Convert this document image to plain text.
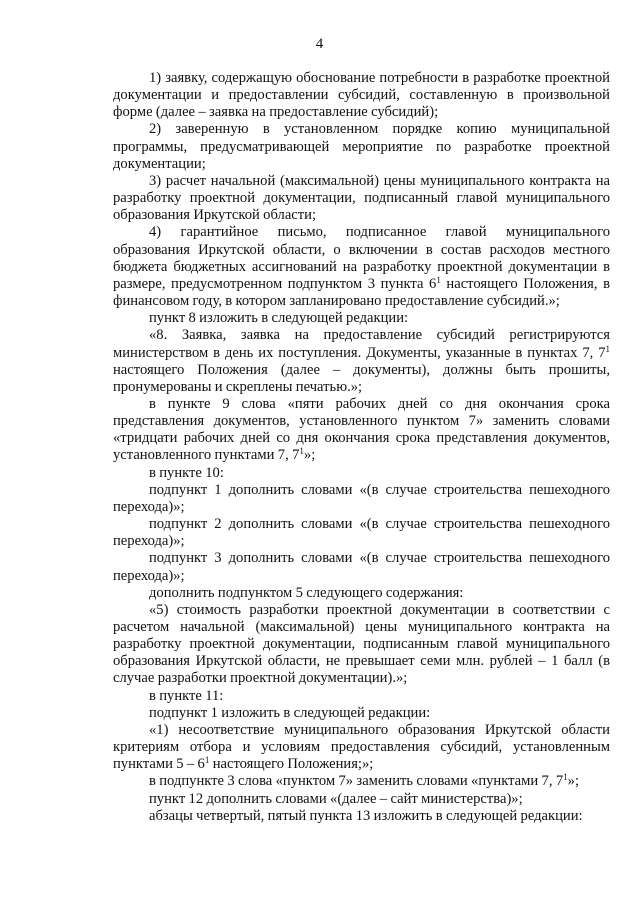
4

1) заявку, содержащую обоснование потребности в разработке проектной документации и предоставлении субсидий, составленную в произвольной форме (далее – заявка на предоставление субсидий);

2) заверенную в установленном порядке копию муниципальной программы, предусматривающей мероприятие по разработке проектной документации;

3) расчет начальной (максимальной) цены муниципального контракта на разработку проектной документации, подписанный главой муниципального образования Иркутской области;

4) гарантийное письмо, подписанное главой муниципального образования Иркутской области, о включении в состав расходов местного бюджета бюджетных ассигнований на разработку проектной документации в размере, предусмотренном подпунктом 3 пункта $6^1$ настоящего Положения, в финансовом году, в котором запланировано предоставление субсидий.»;

пункт 8 изложить в следующей редакции:

«8. Заявка, заявка на предоставление субсидий регистрируются министерством в день их поступления. Документы, указанные в пунктах 7, $7^1$ настоящего Положения (далее – документы), должны быть прошиты, пронумерованы и скреплены печатью.»;

в пункте 9 слова «пяти рабочих дней со дня окончания срока представления документов, установленного пунктом 7» заменить словами «тридцати рабочих дней со дня окончания срока представления документов, установленного пунктами 7, $7^1$»;

в пункте 10:

подпункт 1 дополнить словами «(в случае строительства пешеходного перехода)»;

подпункт 2 дополнить словами «(в случае строительства пешеходного перехода)»;

подпункт 3 дополнить словами «(в случае строительства пешеходного перехода)»;

дополнить подпунктом 5 следующего содержания:

«5) стоимость разработки проектной документации в соответствии с расчетом начальной (максимальной) цены муниципального контракта на разработку проектной документации, подписанным главой муниципального образования Иркутской области, не превышает семи млн. рублей – 1 балл (в случае разработки проектной документации).»;

в пункте 11:

подпункт 1 изложить в следующей редакции:

«1) несоответствие муниципального образования Иркутской области критериям отбора и условиям предоставления субсидий, установленным пунктами $5 - 6^1$ настоящего Положения;»;

в подпункте 3 слова «пунктом 7» заменить словами «пунктами 7, $7^1$»;

пункт 12 дополнить словами «(далее – сайт министерства)»;

абзацы четвертый, пятый пункта 13 изложить в следующей редакции:
